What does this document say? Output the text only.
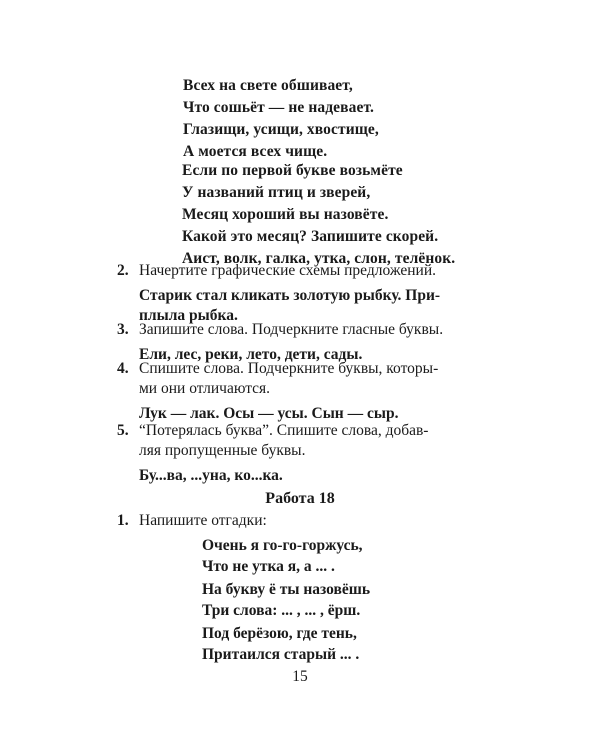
Всех на свете обшивает,
Что сошьёт — не надевает.
Глазищи, усищи, хвостище,
А моется всех чище.
Если по первой букве возьмёте
У названий птиц и зверей,
Месяц хороший вы назовёте.
Какой это месяц? Запишите скорей.
Аист, волк, галка, утка, слон, телёнок.
2. Начертите графические схемы предложений.
Старик стал кликать золотую рыбку. При-
плыла рыбка.
3. Запишите слова. Подчеркните гласные буквы.
Ели, лес, реки, лето, дети, сады.
4. Спишите слова. Подчеркните буквы, которы-
ми они отличаются.
Лук — лак. Осы — усы. Сын — сыр.
5. “Потерялась буква”. Спишите слова, добав-
ляя пропущенные буквы.
Бу...ва, ...уна, ко...ка.
Работа 18
1. Напишите отгадки:
Очень я го-го-горжусь,
Что не утка я, а ... .
На букву ё ты назовёшь
Три слова: ... , ... , ёрш.
Под берёзою, где тень,
Притаился старый ... .
15
